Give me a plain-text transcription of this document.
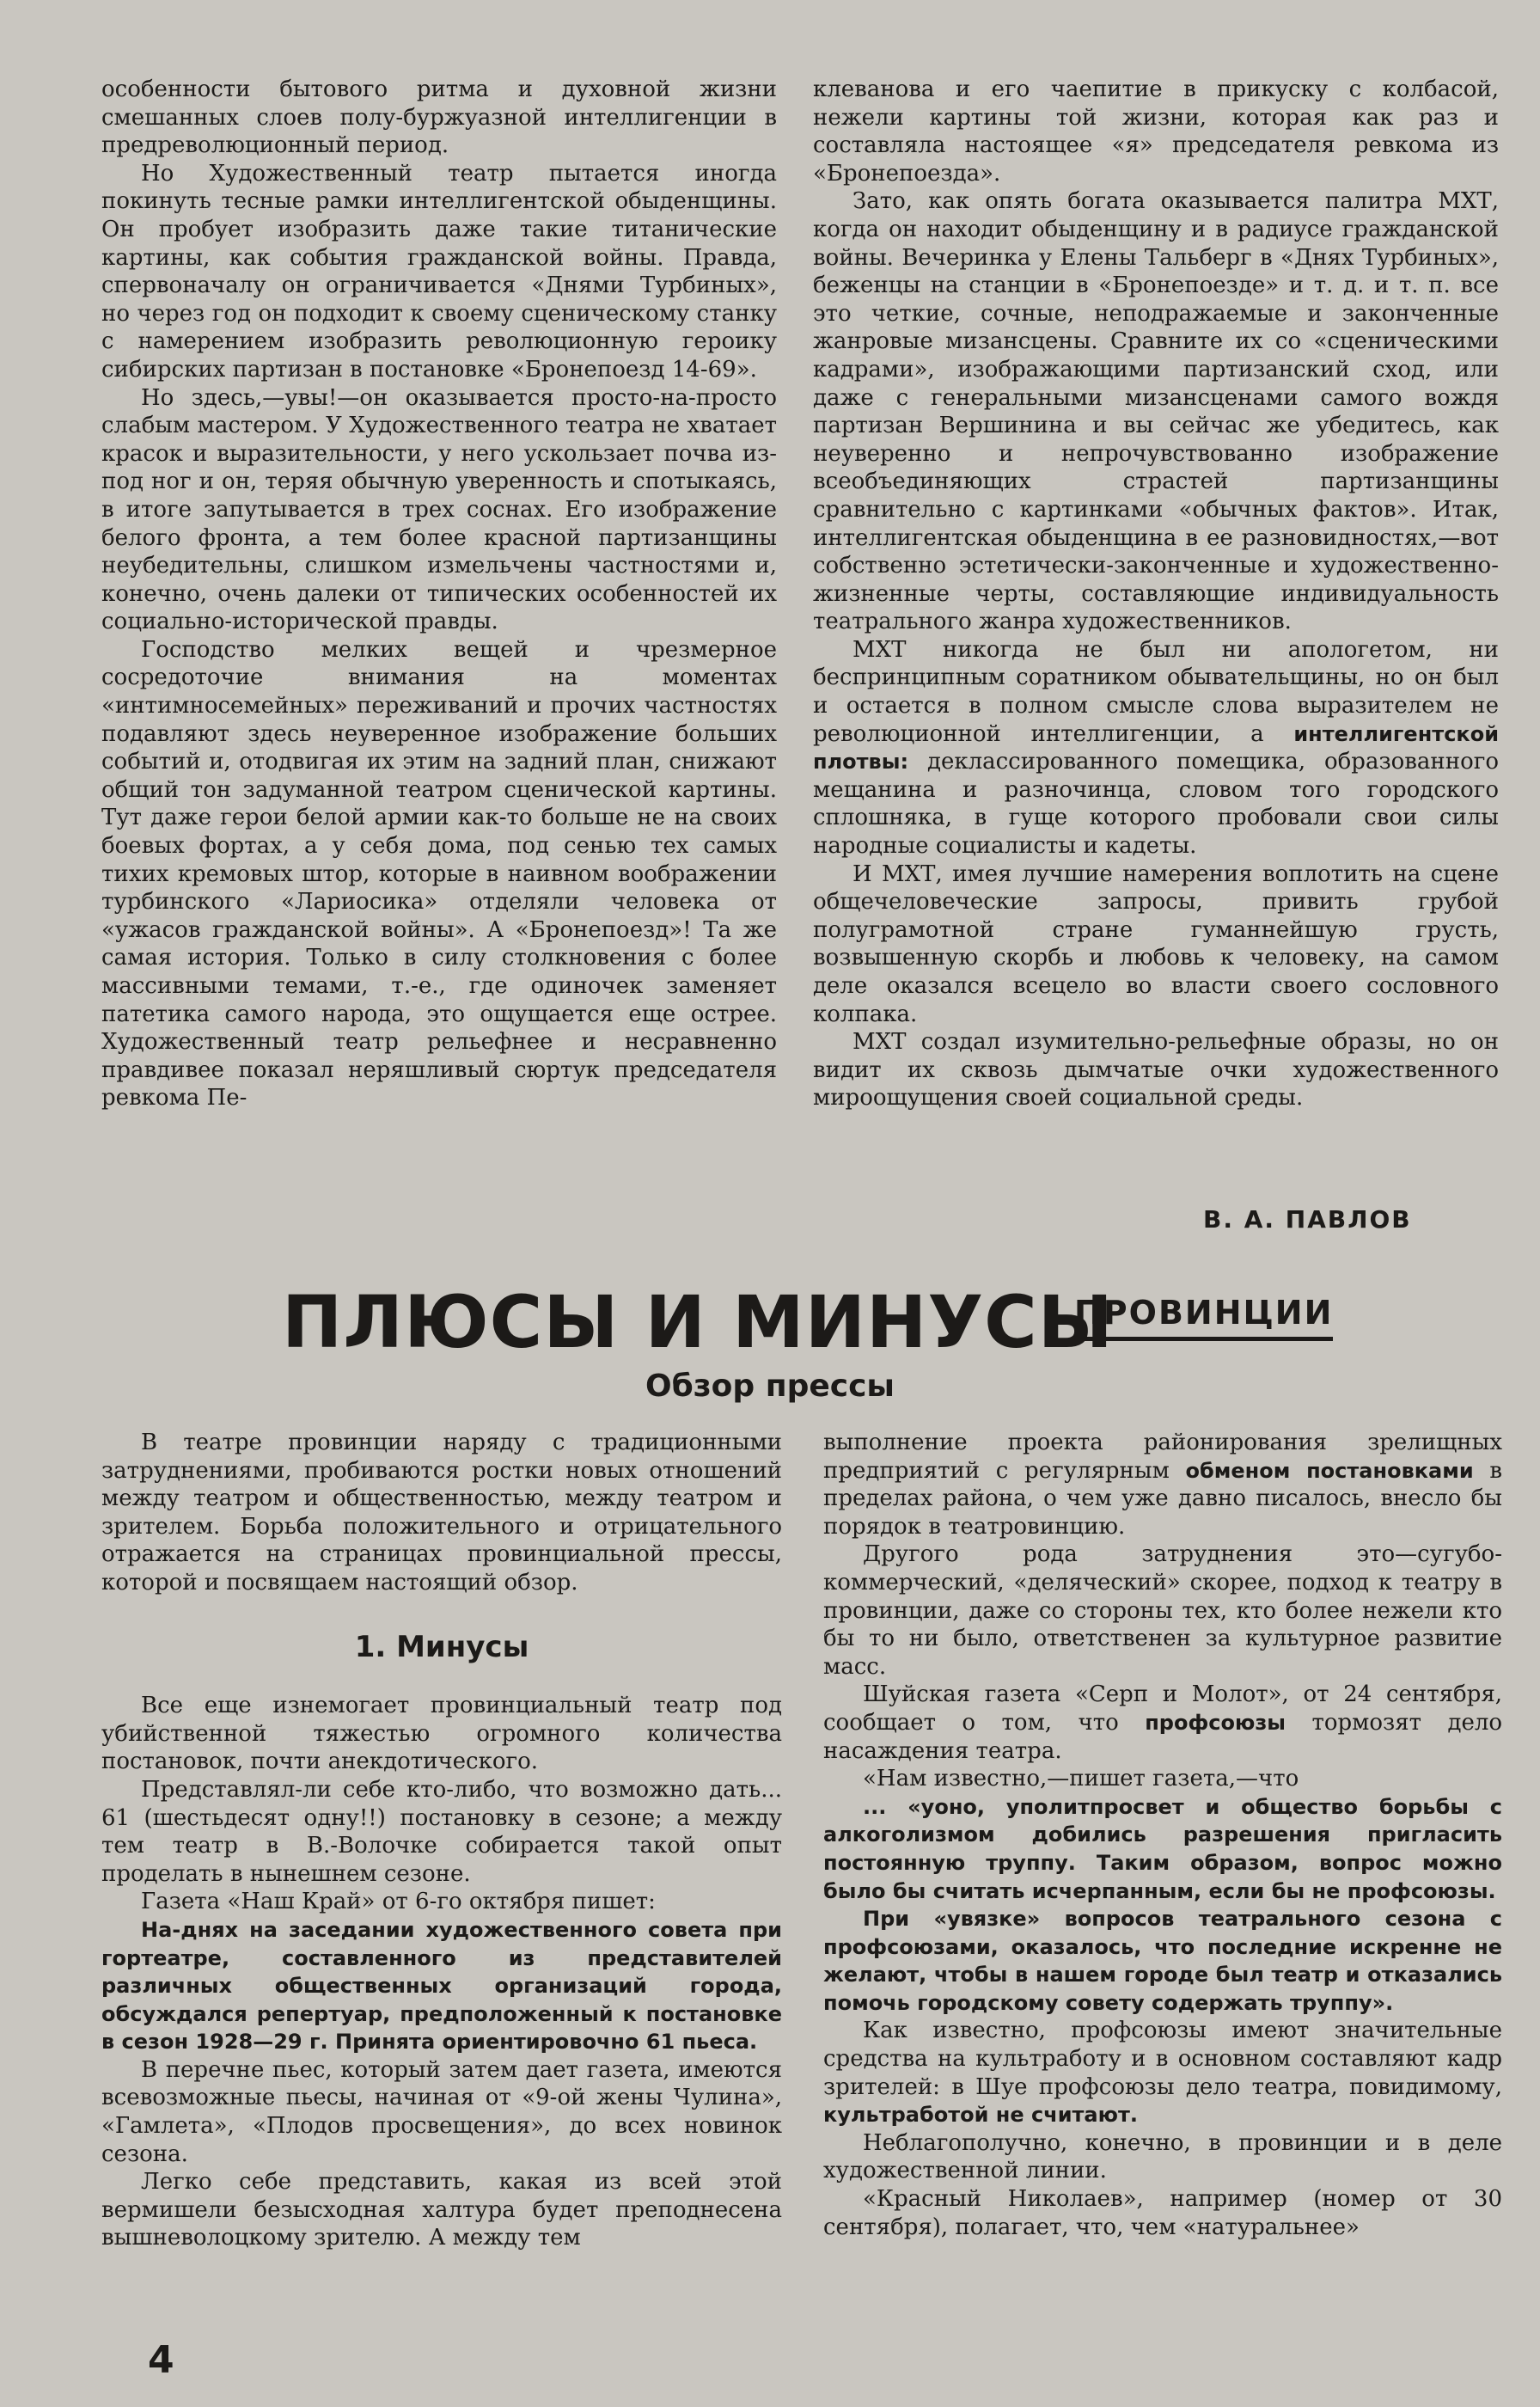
особенности бытового ритма и духовной жизни смешанных слоев полу-буржуазной интеллигенции в предреволюционный период.

Но Художественный театр пытается иногда покинуть тесные рамки интеллигентской обыденщины. Он пробует изобразить даже такие титанические картины, как события гражданской войны. Правда, спервоначалу он ограничивается «Днями Турбиных», но через год он подходит к своему сценическому станку с намерением изобразить революционную героику сибирских партизан в постановке «Бронепоезд 14-69».

Но здесь,—увы!—он оказывается просто-на-просто слабым мастером. У Художественного театра не хватает красок и выразительности, у него ускользает почва из-под ног и он, теряя обычную уверенность и спотыкаясь, в итоге запутывается в трех соснах. Его изображение белого фронта, а тем более красной партизанщины неубедительны, слишком измельчены частностями и, конечно, очень далеки от типических особенностей их социально-исторической правды.

Господство мелких вещей и чрезмерное сосредоточие внимания на моментах «интимносемейных» переживаний и прочих частностях подавляют здесь неуверенное изображение больших событий и, отодвигая их этим на задний план, снижают общий тон задуманной театром сценической картины. Тут даже герои белой армии как-то больше не на своих боевых фортах, а у себя дома, под сенью тех самых тихих кремовых штор, которые в наивном воображении турбинского «Лариосика» отделяли человека от «ужасов гражданской войны». А «Бронепоезд»! Та же самая история. Только в силу столкновения с более массивными темами, т.-е., где одиночек заменяет патетика самого народа, это ощущается еще острее. Художественный театр рельефнее и несравненно правдивее показал неряшливый сюртук председателя ревкома Пе-

клеванова и его чаепитие в прикуску с колбасой, нежели картины той жизни, которая как раз и составляла настоящее «я» председателя ревкома из «Бронепоезда».

Зато, как опять богата оказывается палитра МХТ, когда он находит обыденщину и в радиусе гражданской войны. Вечеринка у Елены Тальберг в «Днях Турбиных», беженцы на станции в «Бронепоезде» и т. д. и т. п. все это четкие, сочные, неподражаемые и законченные жанровые мизансцены. Сравните их со «сценическими кадрами», изображающими партизанский сход, или даже с генеральными мизансценами самого вождя партизан Вершинина и вы сейчас же убедитесь, как неуверенно и непрочувствованно изображение всеобъединяющих страстей партизанщины сравнительно с картинками «обычных фактов». Итак, интеллигентская обыденщина в ее разновидностях,—вот собственно эстетически-законченные и художественно-жизненные черты, составляющие индивидуальность театрального жанра художественников.

МХТ никогда не был ни апологетом, ни беспринципным соратником обывательщины, но он был и остается в полном смысле слова выразителем не революционной интеллигенции, а интеллигентской плотвы: деклассированного помещика, образованного мещанина и разночинца, словом того городского сплошняка, в гуще которого пробовали свои силы народные социалисты и кадеты.

И МХТ, имея лучшие намерения воплотить на сцене общечеловеческие запросы, привить грубой полуграмотной стране гуманнейшую грусть, возвышенную скорбь и любовь к человеку, на самом деле оказался всецело во власти своего сословного колпака.

МХТ создал изумительно-рельефные образы, но он видит их сквозь дымчатые очки художественного мироощущения своей социальной среды.

В. А. ПАВЛОВ
ПЛЮСЫ И МИНУСЫ
ПРОВИНЦИИ
Обзор прессы

В театре провинции наряду с традиционными затруднениями, пробиваются ростки новых отношений между театром и общественностью, между театром и зрителем. Борьба положительного и отрицательного отражается на страницах провинциальной прессы, которой и посвящаем настоящий обзор.

1. Минусы

Все еще изнемогает провинциальный театр под убийственной тяжестью огромного количества постановок, почти анекдотического.

Представлял-ли себе кто-либо, что возможно дать... 61 (шестьдесят одну!!) постановку в сезоне; а между тем театр в В.-Волочке собирается такой опыт проделать в нынешнем сезоне.

Газета «Наш Край» от 6-го октября пишет:

На-днях на заседании художественного совета при гортеатре, составленного из представителей различных общественных организаций города, обсуждался репертуар, предположенный к постановке в сезон 1928—29 г. Принята ориентировочно 61 пьеса.

В перечне пьес, который затем дает газета, имеются всевозможные пьесы, начиная от «9-ой жены Чулина», «Гамлета», «Плодов просвещения», до всех новинок сезона.

Легко себе представить, какая из всей этой вермишели безысходная халтура будет преподнесена вышневолоцкому зрителю. А между тем

выполнение проекта районирования зрелищных предприятий с регулярным обменом постановками в пределах района, о чем уже давно писалось, внесло бы порядок в театровинцию.

Другого рода затруднения это—сугубо-коммерческий, «деляческий» скорее, подход к театру в провинции, даже со стороны тех, кто более нежели кто бы то ни было, ответственен за культурное развитие масс.

Шуйская газета «Серп и Молот», от 24 сентября, сообщает о том, что профсоюзы тормозят дело насаждения театра.

«Нам известно,—пишет газета,—что

... «уоно, уполитпросвет и общество борьбы с алкоголизмом добились разрешения пригласить постоянную труппу. Таким образом, вопрос можно было бы считать исчерпанным, если бы не профсоюзы.

При «увязке» вопросов театрального сезона с профсоюзами, оказалось, что последние искренне не желают, чтобы в нашем городе был театр и отказались помочь городскому совету содержать труппу».

Как известно, профсоюзы имеют значительные средства на культработу и в основном составляют кадр зрителей: в Шуе профсоюзы дело театра, повидимому, культработой не считают.

Неблагополучно, конечно, в провинции и в деле художественной линии.

«Красный Николаев», например (номер от 30 сентября), полагает, что, чем «натуральнее»

4
